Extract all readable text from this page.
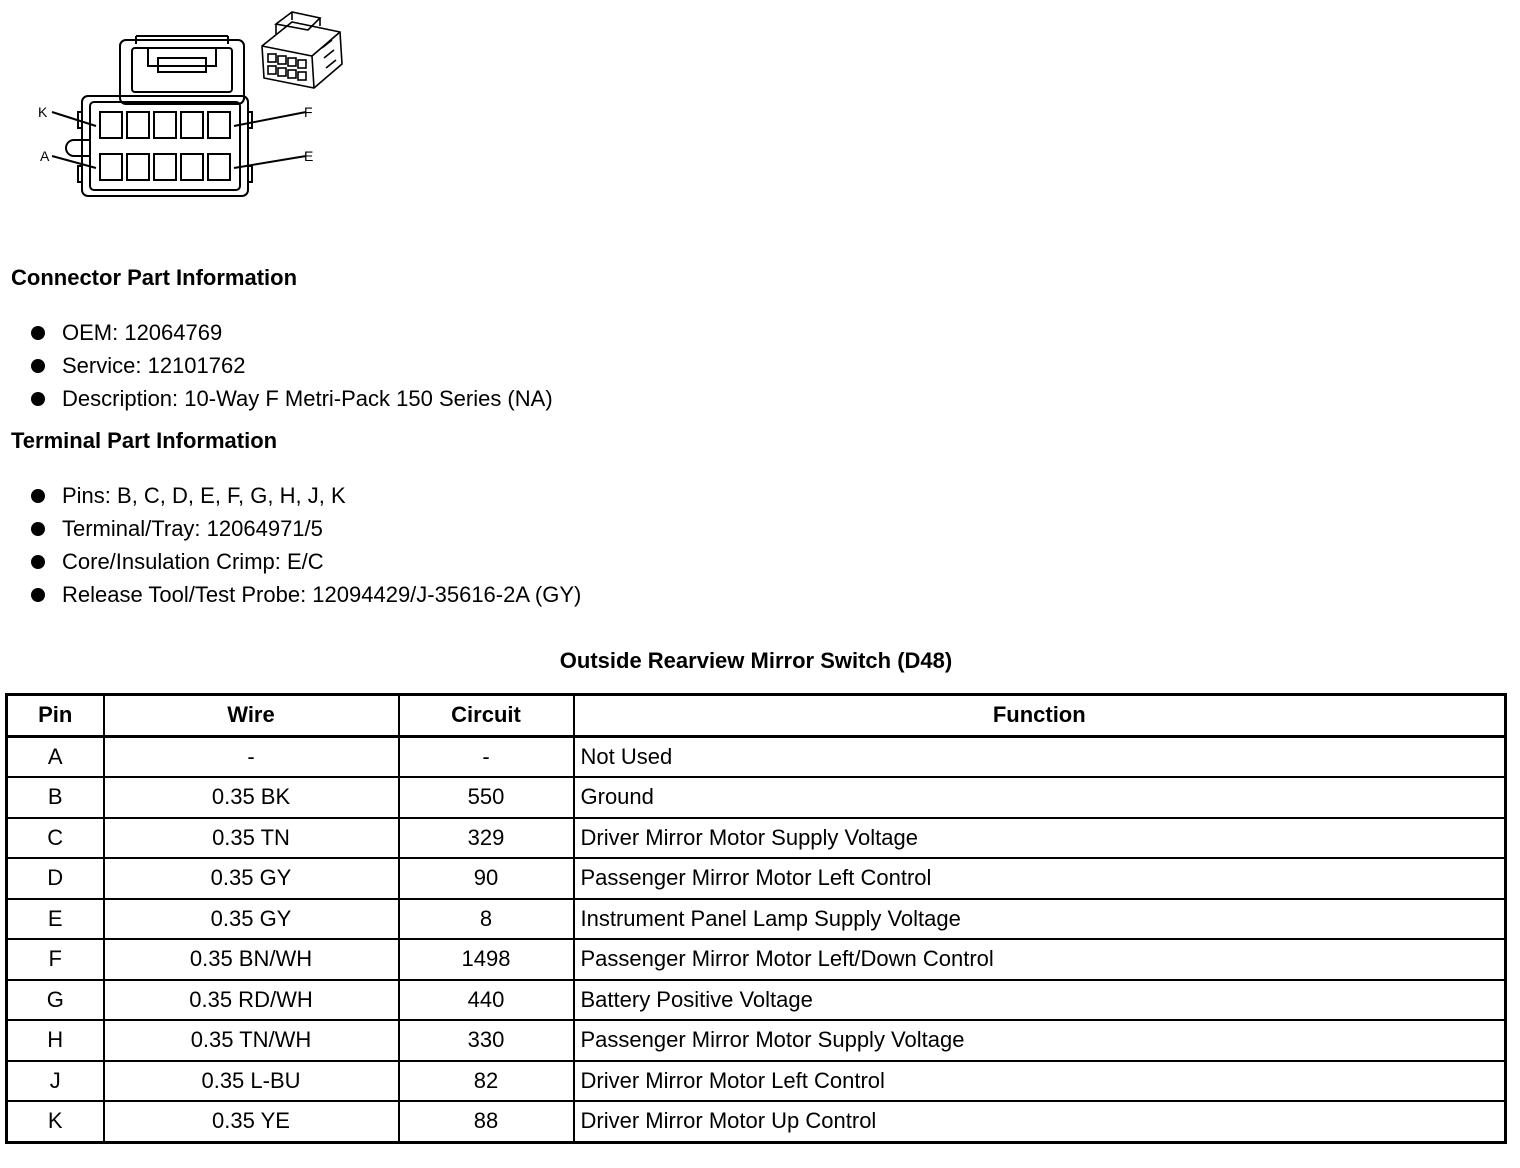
K
A
F
E
Connector Part Information
OEM: 12064769
Service: 12101762
Description: 10-Way F Metri-Pack 150 Series (NA)
Terminal Part Information
Pins: B, C, D, E, F, G, H, J, K
Terminal/Tray: 12064971/5
Core/Insulation Crimp: E/C
Release Tool/Test Probe: 12094429/J-35616-2A (GY)
Outside Rearview Mirror Switch (D48)
Pin	Wire	Circuit	Function
A	-	-	Not Used
B	0.35 BK	550	Ground
C	0.35 TN	329	Driver Mirror Motor Supply Voltage
D	0.35 GY	90	Passenger Mirror Motor Left Control
E	0.35 GY	8	Instrument Panel Lamp Supply Voltage
F	0.35 BN/WH	1498	Passenger Mirror Motor Left/Down Control
G	0.35 RD/WH	440	Battery Positive Voltage
H	0.35 TN/WH	330	Passenger Mirror Motor Supply Voltage
J	0.35 L-BU	82	Driver Mirror Motor Left Control
K	0.35 YE	88	Driver Mirror Motor Up Control
